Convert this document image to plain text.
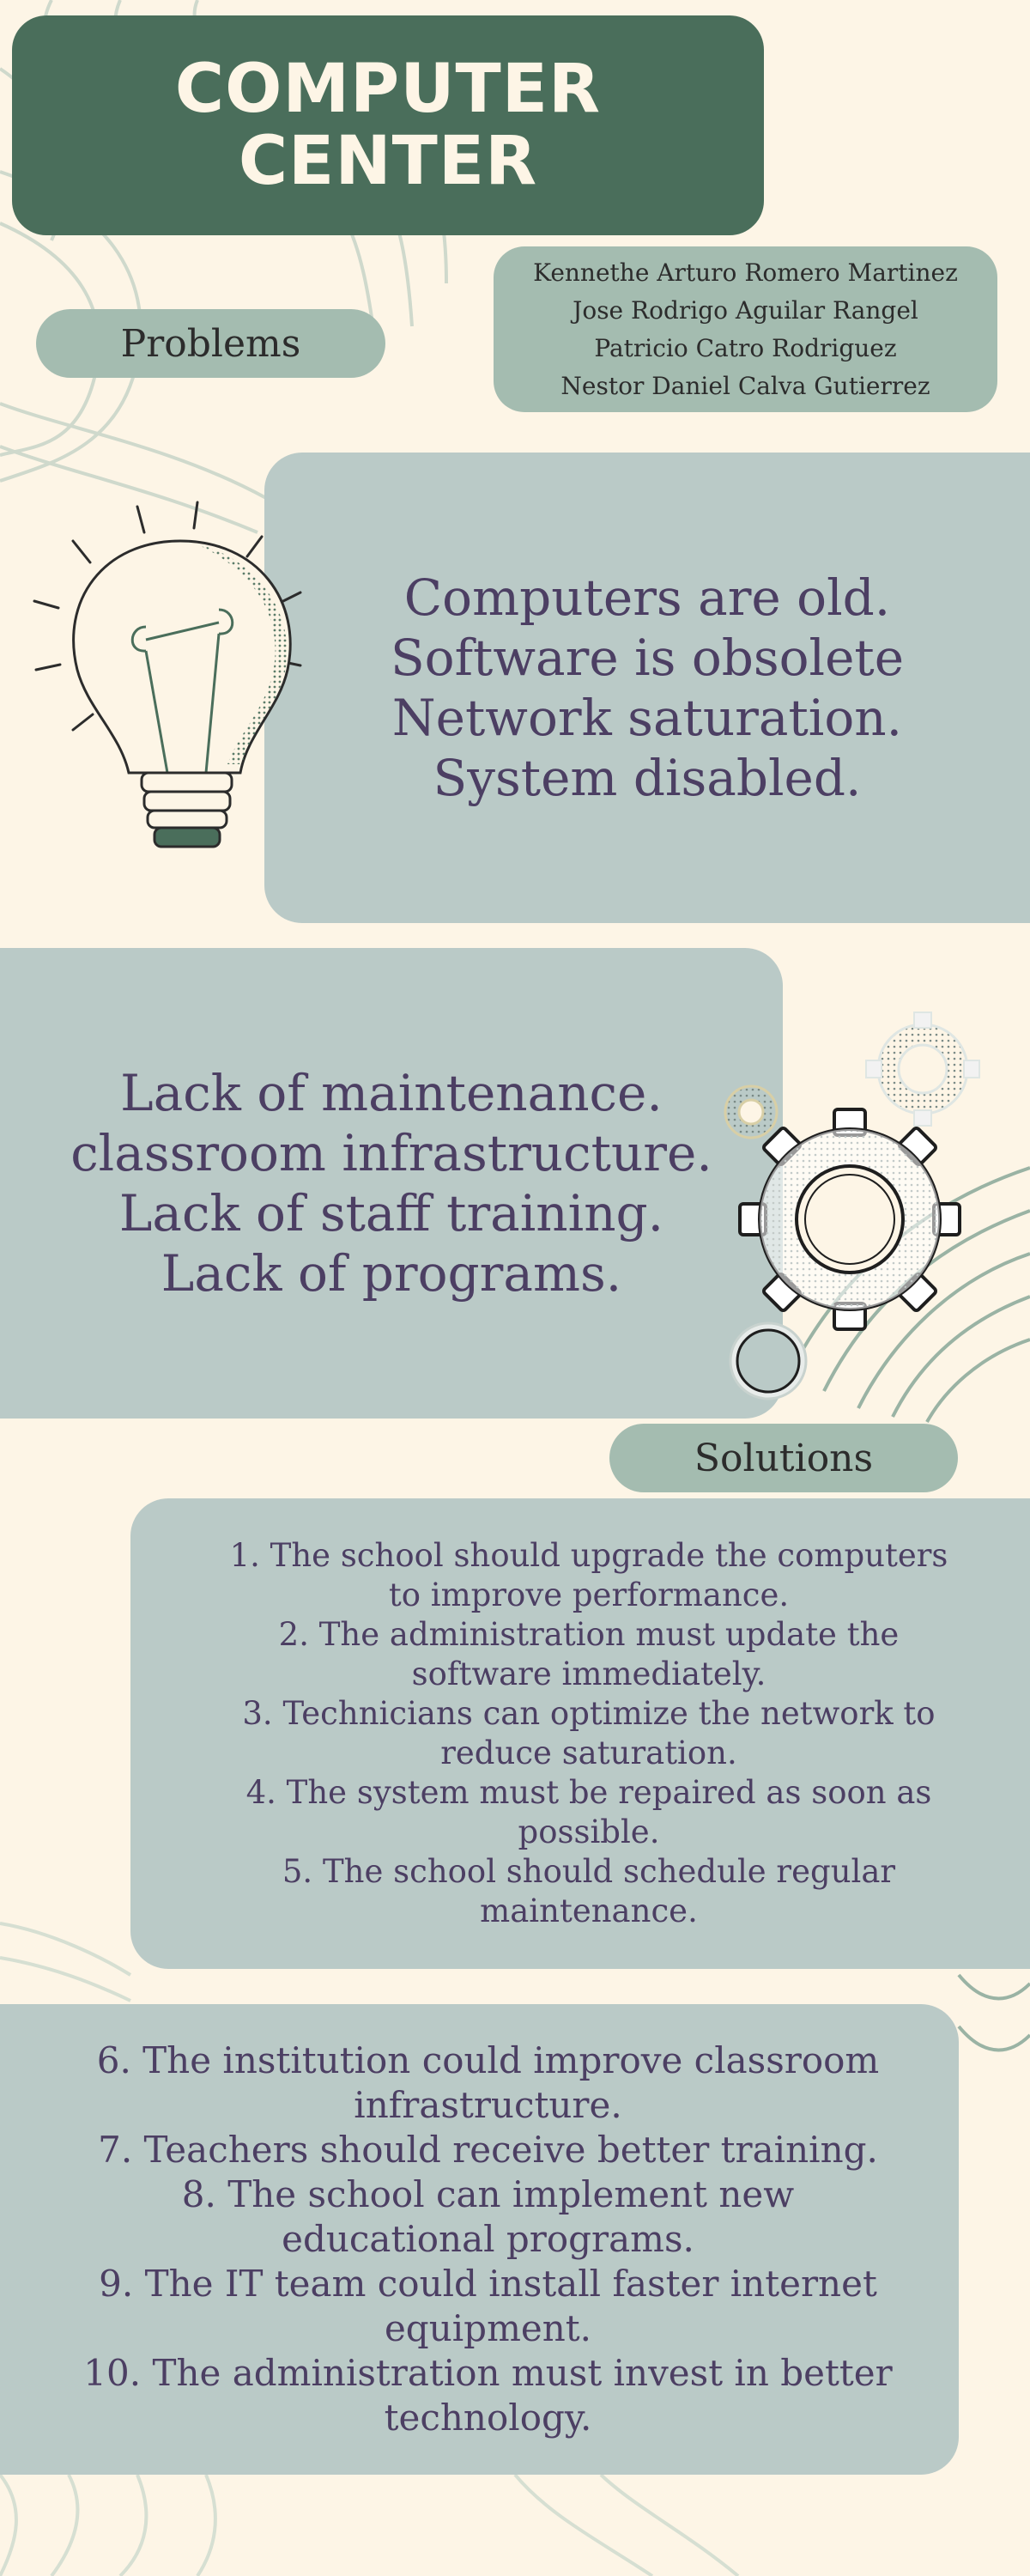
COMPUTER
CENTER
Kennethe Arturo Romero Martinez
Jose Rodrigo Aguilar Rangel
Patricio Catro Rodriguez
Nestor Daniel Calva Gutierrez
Problems
Computers are old.
Software is obsolete
Network saturation.
System disabled.
Lack of maintenance.
classroom infrastructure.
Lack of staff training.
Lack of programs.
Solutions
1. The school should upgrade the computers to improve performance.
2. The administration must update the software immediately.
3. Technicians can optimize the network to reduce saturation.
4. The system must be repaired as soon as possible.
5. The school should schedule regular maintenance.
6. The institution could improve classroom infrastructure.
7. Teachers should receive better training.
8. The school can implement new educational programs.
9. The IT team could install faster internet equipment.
10. The administration must invest in better technology.
